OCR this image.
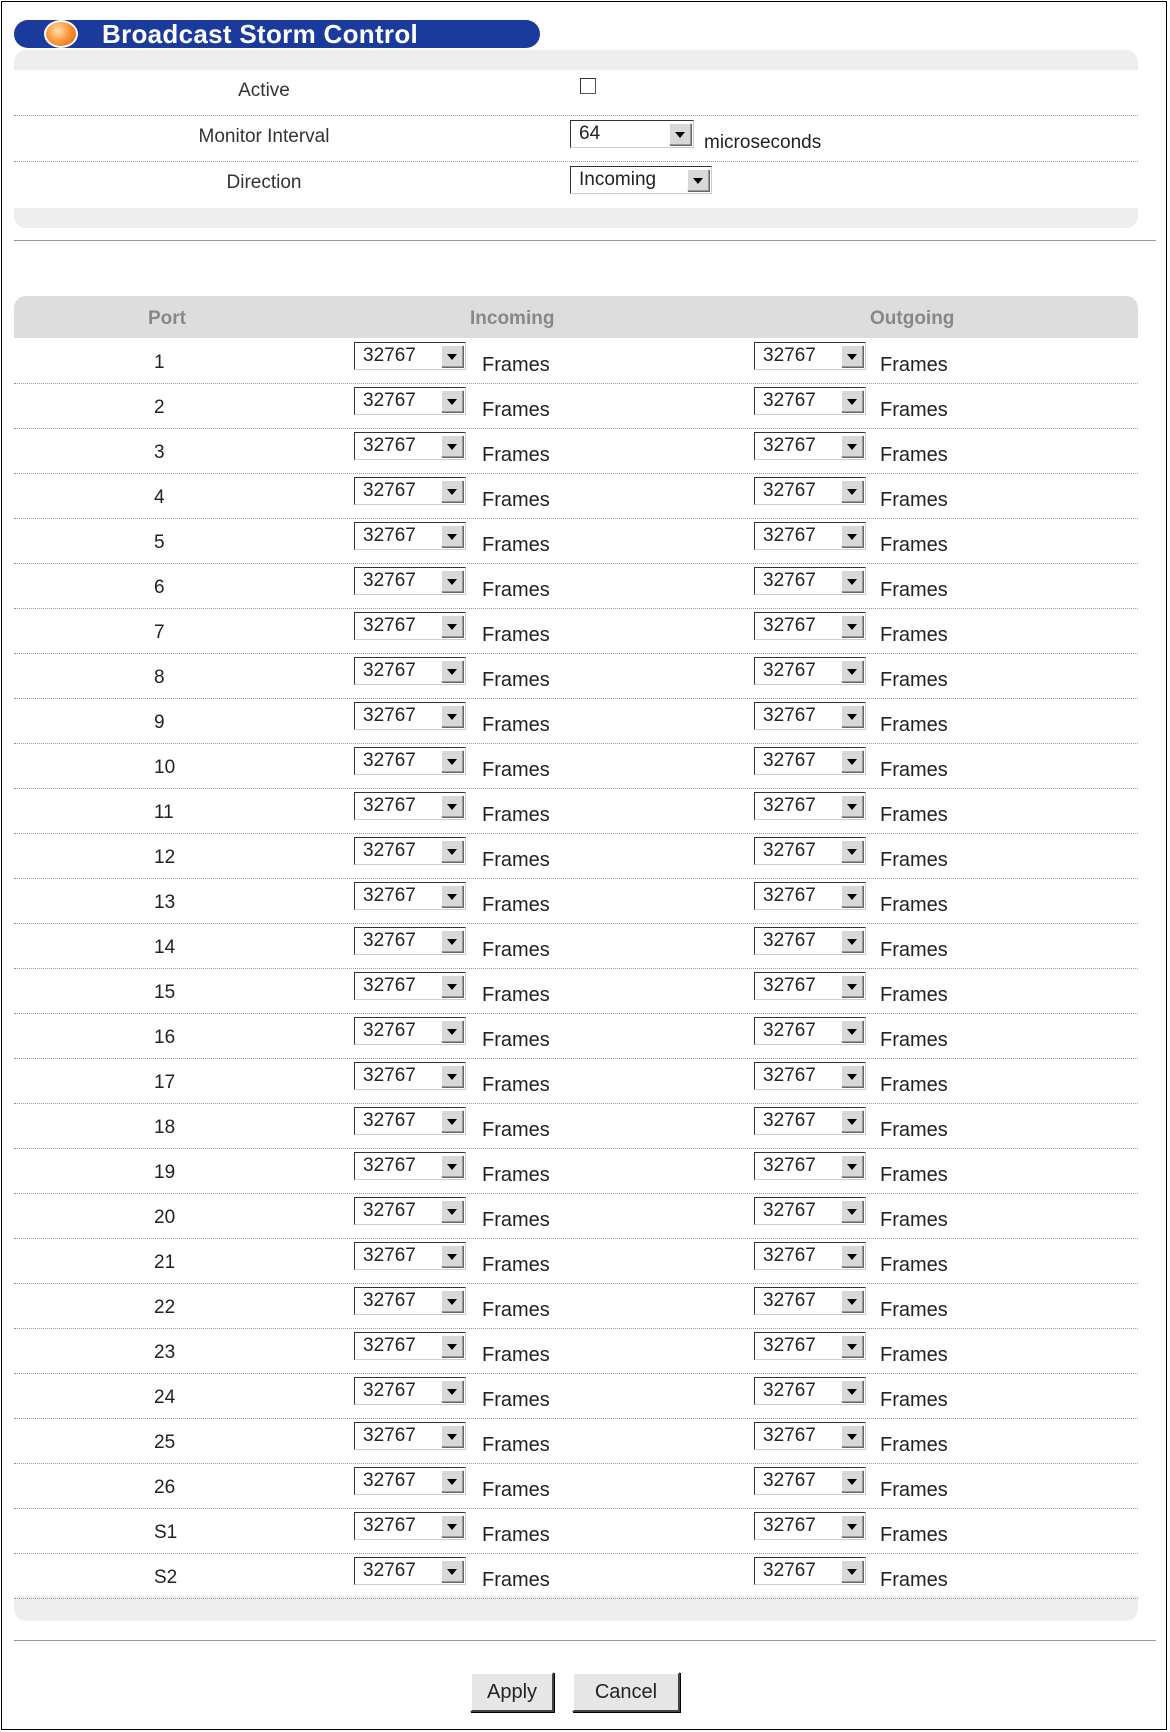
Broadcast Storm Control
Active
Monitor Interval	64	microseconds
Direction	Incoming
Port	Incoming	Outgoing
1	32767	Frames	32767	Frames
2	32767	Frames	32767	Frames
3	32767	Frames	32767	Frames
4	32767	Frames	32767	Frames
5	32767	Frames	32767	Frames
6	32767	Frames	32767	Frames
7	32767	Frames	32767	Frames
8	32767	Frames	32767	Frames
9	32767	Frames	32767	Frames
10	32767	Frames	32767	Frames
11	32767	Frames	32767	Frames
12	32767	Frames	32767	Frames
13	32767	Frames	32767	Frames
14	32767	Frames	32767	Frames
15	32767	Frames	32767	Frames
16	32767	Frames	32767	Frames
17	32767	Frames	32767	Frames
18	32767	Frames	32767	Frames
19	32767	Frames	32767	Frames
20	32767	Frames	32767	Frames
21	32767	Frames	32767	Frames
22	32767	Frames	32767	Frames
23	32767	Frames	32767	Frames
24	32767	Frames	32767	Frames
25	32767	Frames	32767	Frames
26	32767	Frames	32767	Frames
S1	32767	Frames	32767	Frames
S2	32767	Frames	32767	Frames
Apply	Cancel
